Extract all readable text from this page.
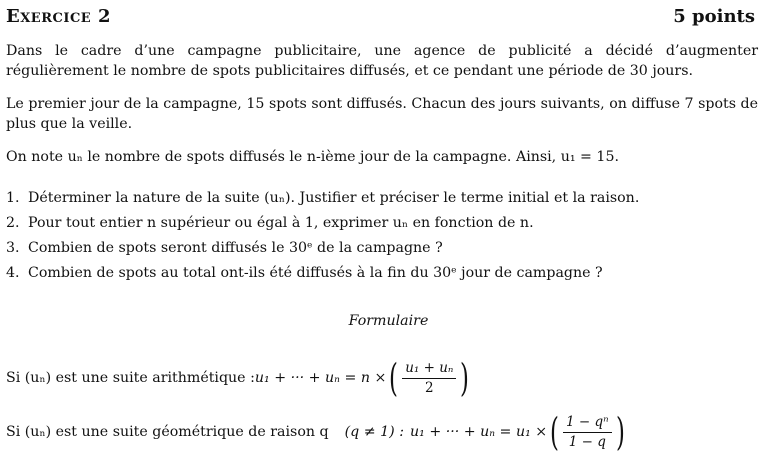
Exercice 2	5 points
Dans le cadre d’une campagne publicitaire, une agence de publicité a décidé d’augmenter régulièrement le nombre de spots publicitaires diffusés, et ce pendant une période de 30 jours.
Le premier jour de la campagne, 15 spots sont diffusés. Chacun des jours suivants, on diffuse 7 spots de plus que la veille.
On note uₙ le nombre de spots diffusés le n-ième jour de la campagne. Ainsi, u₁ = 15.
1. Déterminer la nature de la suite (uₙ). Justifier et préciser le terme initial et la raison.
2. Pour tout entier n supérieur ou égal à 1, exprimer uₙ en fonction de n.
3. Combien de spots seront diffusés le 30ᵉ de la campagne ?
4. Combien de spots au total ont-ils été diffusés à la fin du 30ᵉ jour de campagne ?
Formulaire
Si (uₙ) est une suite arithmétique : u₁ + ··· + uₙ = n × ( $\frac{\text{u₁ + uₙ}}{2}$ )
Si (uₙ) est une suite géométrique de raison q (q ≠ 1) : u₁ + ··· + uₙ = u₁ × ( $\frac{\text{1 − qⁿ}}{1 - q}$ )
